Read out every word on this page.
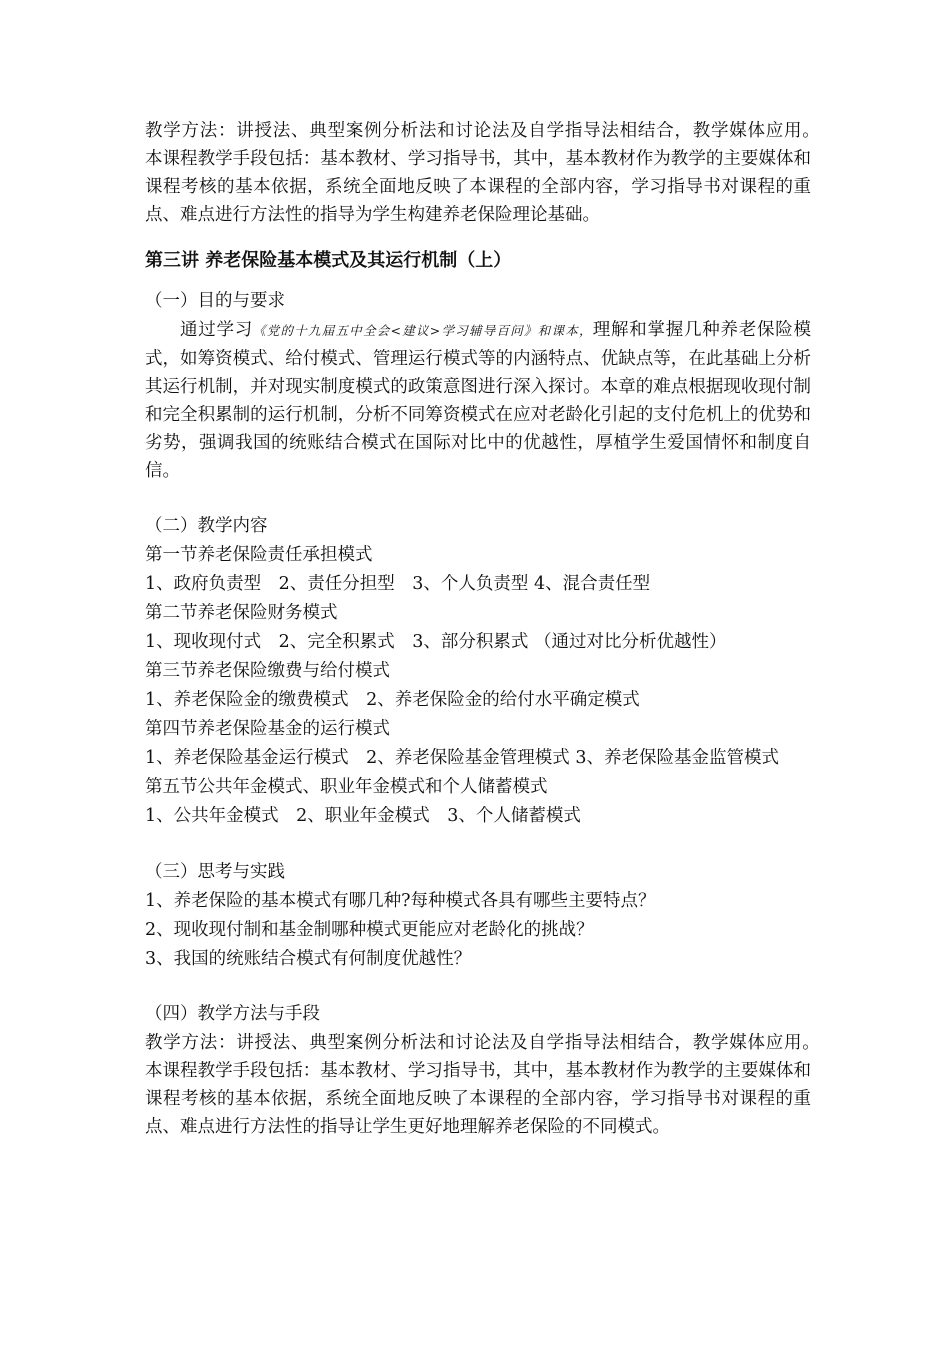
教学方法：讲授法、典型案例分析法和讨论法及自学指导法相结合，教学媒体应用。　本课程教学手段包括：基本教材、学习指导书，其中，基本教材作为教学的主要媒体和课程考核的基本依据，系统全面地反映了本课程的全部内容，学习指导书对课程的重点、难点进行方法性的指导为学生构建养老保险理论基础。

第三讲 养老保险基本模式及其运行机制（上）

（一）目的与要求

通过学习《党的十九届五中全会<建议>学习辅导百问》和课本，理解和掌握几种养老保险模式，如筹资模式、给付模式、管理运行模式等的内涵特点、优缺点等，在此基础上分析其运行机制，并对现实制度模式的政策意图进行深入探讨。本章的难点根据现收现付制和完全积累制的运行机制，分析不同筹资模式在应对老龄化引起的支付危机上的优势和劣势，强调我国的统账结合模式在国际对比中的优越性，厚植学生爱国情怀和制度自信。

（二）教学内容

第一节养老保险责任承担模式

1、政府负责型　2、责任分担型　3、个人负责型 4、混合责任型

第二节养老保险财务模式

1、现收现付式　2、完全积累式　3、部分积累式 （通过对比分析优越性）

第三节养老保险缴费与给付模式

1、养老保险金的缴费模式　2、养老保险金的给付水平确定模式

第四节养老保险基金的运行模式

1、养老保险基金运行模式　2、养老保险基金管理模式 3、养老保险基金监管模式

第五节公共年金模式、职业年金模式和个人储蓄模式

1、公共年金模式　2、职业年金模式　3、个人储蓄模式

（三）思考与实践

1、养老保险的基本模式有哪几种?每种模式各具有哪些主要特点？

2、现收现付制和基金制哪种模式更能应对老龄化的挑战？

3、我国的统账结合模式有何制度优越性？

（四）教学方法与手段

教学方法：讲授法、典型案例分析法和讨论法及自学指导法相结合，教学媒体应用。　本课程教学手段包括：基本教材、学习指导书，其中，基本教材作为教学的主要媒体和课程考核的基本依据，系统全面地反映了本课程的全部内容，学习指导书对课程的重点、难点进行方法性的指导让学生更好地理解养老保险的不同模式。
